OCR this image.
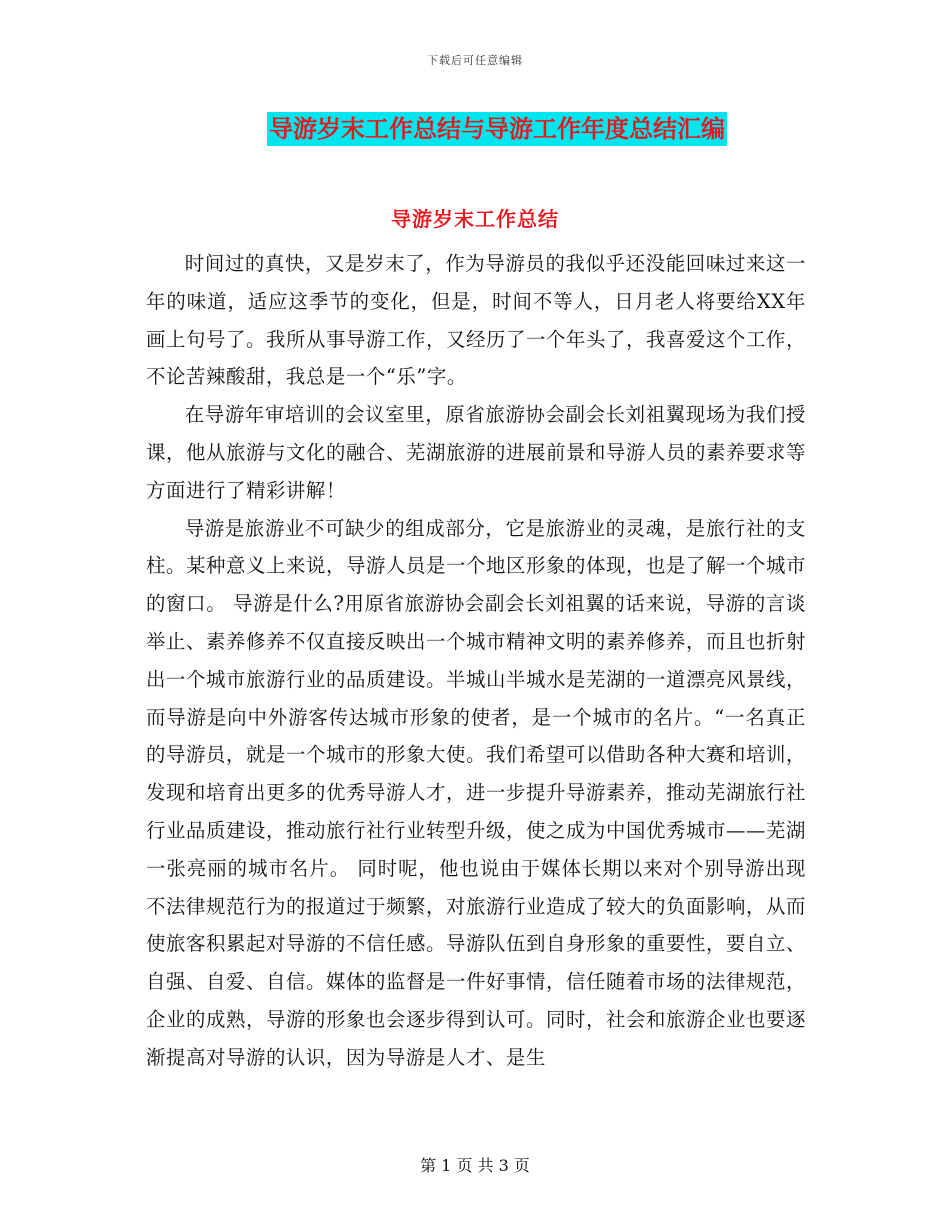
下载后可任意编辑
导游岁末工作总结与导游工作年度总结汇编
导游岁末工作总结

时间过的真快，又是岁末了，作为导游员的我似乎还没能回味过来这一年的味道，适应这季节的变化，但是，时间不等人，日月老人将要给XX年画上句号了。我所从事导游工作，又经历了一个年头了，我喜爱这个工作，不论苦辣酸甜，我总是一个“乐”字。

在导游年审培训的会议室里，原省旅游协会副会长刘祖翼现场为我们授课，他从旅游与文化的融合、芜湖旅游的进展前景和导游人员的素养要求等方面进行了精彩讲解！

导游是旅游业不可缺少的组成部分，它是旅游业的灵魂，是旅行社的支柱。某种意义上来说，导游人员是一个地区形象的体现，也是了解一个城市的窗口。 导游是什么?用原省旅游协会副会长刘祖翼的话来说，导游的言谈举止、素养修养不仅直接反映出一个城市精神文明的素养修养，而且也折射出一个城市旅游行业的品质建设。半城山半城水是芜湖的一道漂亮风景线，而导游是向中外游客传达城市形象的使者，是一个城市的名片。“一名真正的导游员，就是一个城市的形象大使。我们希望可以借助各种大赛和培训，发现和培育出更多的优秀导游人才，进一步提升导游素养，推动芜湖旅行社行业品质建设，推动旅行社行业转型升级，使之成为中国优秀城市——芜湖一张亮丽的城市名片。 同时呢，他也说由于媒体长期以来对个别导游出现不法律规范行为的报道过于频繁，对旅游行业造成了较大的负面影响，从而使旅客积累起对导游的不信任感。导游队伍到自身形象的重要性，要自立、自强、自爱、自信。媒体的监督是一件好事情，信任随着市场的法律规范，企业的成熟，导游的形象也会逐步得到认可。同时，社会和旅游企业也要逐渐提高对导游的认识，因为导游是人才、是生

第 1 页 共 3 页
